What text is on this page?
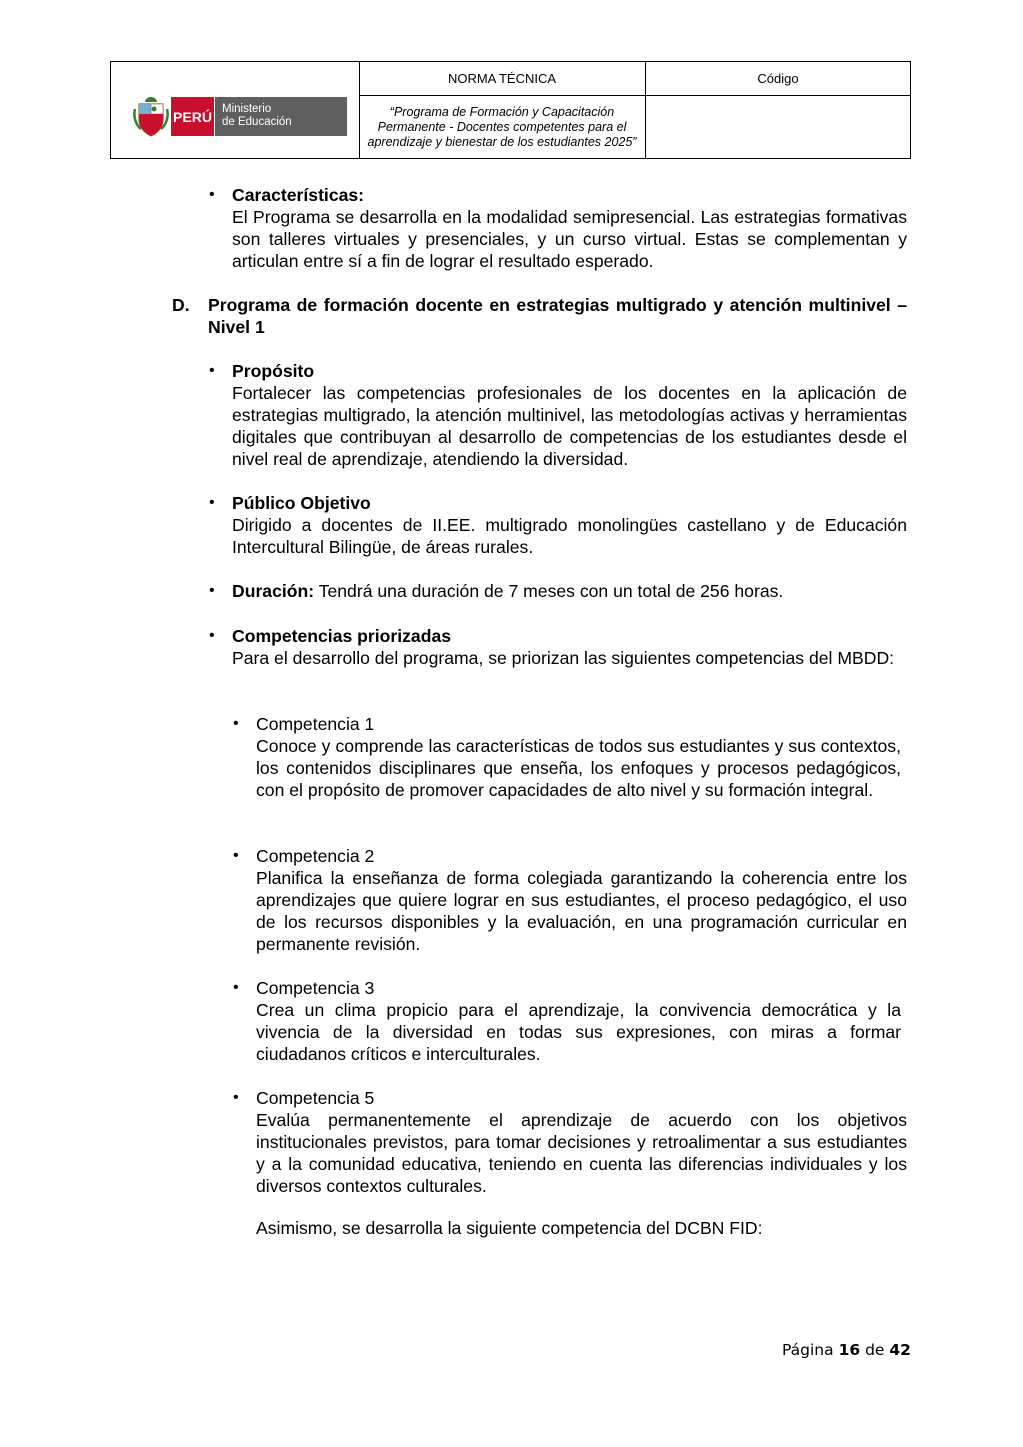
PERÚ Ministerio
de Educación
NORMA TÉCNICA
“Programa de Formación y Capacitación Permanente - Docentes competentes para el aprendizaje y bienestar de los estudiantes 2025”
Código
• Características:
El Programa se desarrolla en la modalidad semipresencial. Las estrategias formativas son talleres virtuales y presenciales, y un curso virtual. Estas se complementan y articulan entre sí a fin de lograr el resultado esperado.
D. Programa de formación docente en estrategias multigrado y atención multinivel – Nivel 1
• Propósito
Fortalecer las competencias profesionales de los docentes en la aplicación de estrategias multigrado, la atención multinivel, las metodologías activas y herramientas digitales que contribuyan al desarrollo de competencias de los estudiantes desde el nivel real de aprendizaje, atendiendo la diversidad.
• Público Objetivo
Dirigido a docentes de II.EE. multigrado monolingües castellano y de Educación Intercultural Bilingüe, de áreas rurales.
• Duración: Tendrá una duración de 7 meses con un total de 256 horas.
• Competencias priorizadas
Para el desarrollo del programa, se priorizan las siguientes competencias del MBDD:
• Competencia 1
Conoce y comprende las características de todos sus estudiantes y sus contextos, los contenidos disciplinares que enseña, los enfoques y procesos pedagógicos, con el propósito de promover capacidades de alto nivel y su formación integral.
• Competencia 2
Planifica la enseñanza de forma colegiada garantizando la coherencia entre los aprendizajes que quiere lograr en sus estudiantes, el proceso pedagógico, el uso de los recursos disponibles y la evaluación, en una programación curricular en permanente revisión.
• Competencia 3
Crea un clima propicio para el aprendizaje, la convivencia democrática y la vivencia de la diversidad en todas sus expresiones, con miras a formar ciudadanos críticos e interculturales.
• Competencia 5
Evalúa permanentemente el aprendizaje de acuerdo con los objetivos institucionales previstos, para tomar decisiones y retroalimentar a sus estudiantes y a la comunidad educativa, teniendo en cuenta las diferencias individuales y los diversos contextos culturales.
Asimismo, se desarrolla la siguiente competencia del DCBN FID:
Página 16 de 42
